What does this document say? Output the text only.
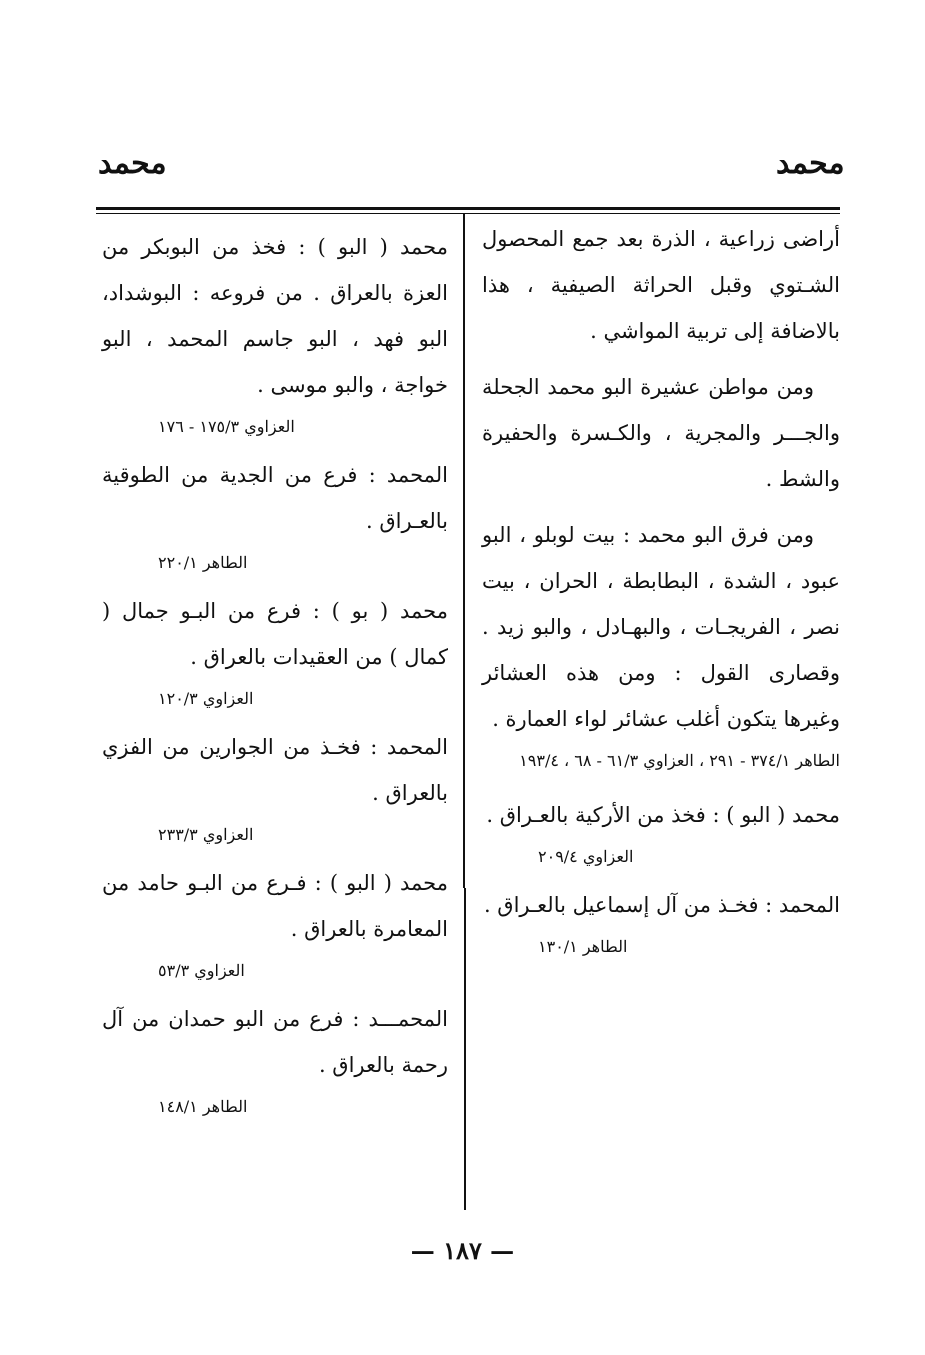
محمد
محمد

أراضى زراعية ، الذرة بعد جمع المحصول الشـتوي وقبل الحراثة الصيفية ، هذا بالاضافة إلى تربية المواشي .

ومن مواطن عشيرة البو محمد الجحلة والجـــر والمجرية ، والكـسرة والحفيرة والشط .

ومن فرق البو محمد : بيت لوبلو ، البو عبود ، الشدة ، البطابطة ، الحران ، بيت نصر ، الفريجـات ، والبهـادل ، والبو زيد . وقصارى القول : ومن هذه العشائر وغيرها يتكون أغلب عشائر لواء العمارة .

الطاهر ٣٧٤/١ - ٢٩١ ، العزاوي ٦١/٣ - ٦٨ ، ١٩٣/٤

محمد ( البو ) : فخذ من الأركية بالعـراق .

العزاوي ٢٠٩/٤

المحمد : فخـذ من آل إسماعيل بالعـراق .

الطاهر ١٣٠/١

محمد ( البو ) : فخذ من البوبكر من العزة بالعراق . من فروعه : البوشداد، البو فهد ، البو جاسم المحمد ، البو خواجة ، والبو موسى .

العزاوي ١٧٥/٣ - ١٧٦

المحمد : فرع من الجدية من الطوقية بالعـراق .

الطاهر ٢٢٠/١

محمد ( بو ) : فرع من البـو جمال ( كمال ) من العقيدات بالعراق .

العزاوي ١٢٠/٣

المحمد : فخـذ من الجوارين من الفزي بالعراق .

العزاوي ٢٣٣/٣

محمد ( البو ) : فـرع من البـو حامد من المعامرة بالعراق .

العزاوي ٥٣/٣

المحمـــد : فرع من البو حمدان من آل رحمة بالعراق .

الطاهر ١٤٨/١
— ١٨٧ —
